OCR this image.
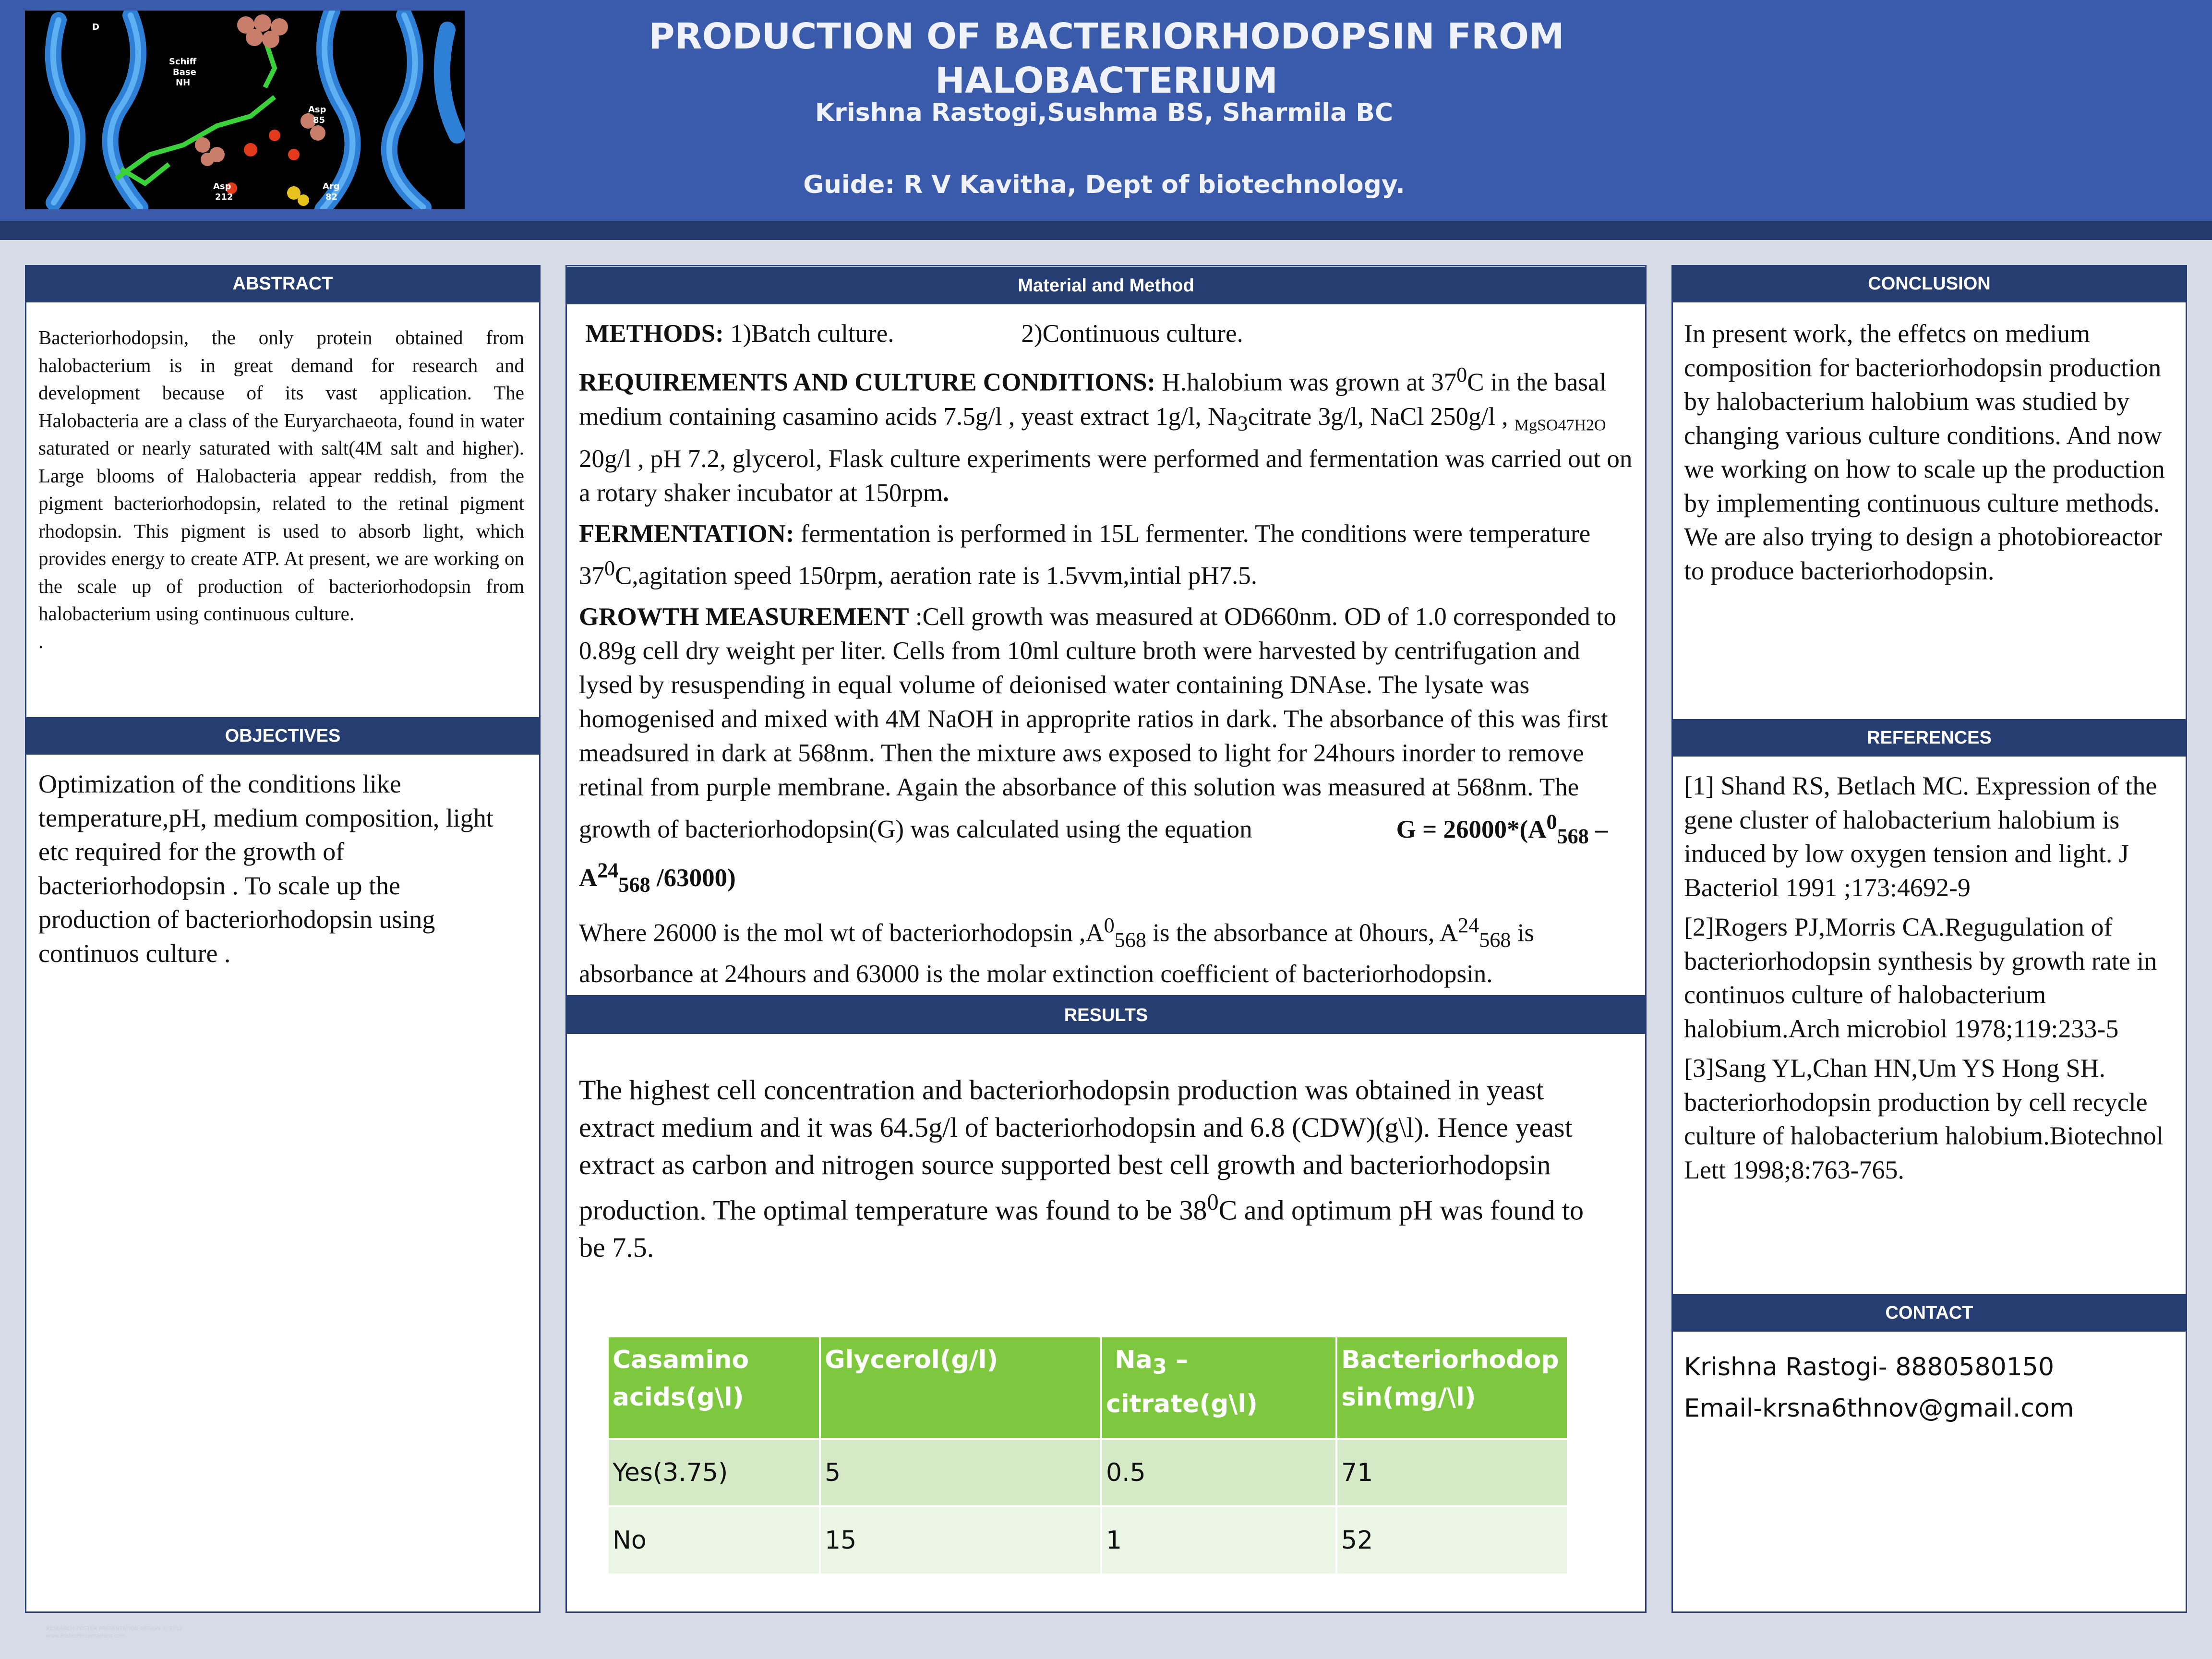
D
Schiff
Base
NH
Asp
85
Asp
212
Arg
82
PRODUCTION OF BACTERIORHODOPSIN FROM HALOBACTERIUM
Krishna Rastogi,Sushma BS, Sharmila BC
Guide: R V Kavitha, Dept of biotechnology.
ABSTRACT
Bacteriorhodopsin, the only protein obtained from halobacterium is in great demand for research and development because of its vast application. The Halobacteria are a class of the Euryarchaeota, found in water saturated or nearly saturated with salt(4M salt and higher). Large blooms of Halobacteria appear reddish, from the pigment bacteriorhodopsin, related to the retinal pigment rhodopsin. This pigment is used to absorb light, which provides energy to create ATP. At present, we are working on the scale up of production of bacteriorhodopsin from halobacterium using continuous culture.
.
OBJECTIVES
Optimization of the conditions like temperature,pH, medium composition, light etc required for the growth of bacteriorhodopsin . To scale up the production of bacteriorhodopsin using continuos culture .
Material and Method

METHODS: 1)Batch culture.	2)Continuous culture.

REQUIREMENTS AND CULTURE CONDITIONS: H.halobium was grown at $37^0C$ in the basal medium containing casamino acids 7.5g/l , yeast extract 1g/l, $Na_3citrate$ 3g/l, NaCl 250g/l , $_{MgSO47H2O}$ 20g/l , pH 7.2, glycerol, Flask culture experiments were performed and fermentation was carried out on a rotary shaker incubator at 150rpm.

FERMENTATION: fermentation is performed in 15L fermenter. The conditions were temperature $37^0C,agitation$ speed 150rpm, aeration rate is 1.5vvm,intial pH7.5.

GROWTH MEASUREMENT :Cell growth was measured at OD660nm. OD of 1.0 corresponded to 0.89g cell dry weight per liter. Cells from 10ml culture broth were harvested by centrifugation and lysed by resuspending in equal volume of deionised water containing DNAse. The lysate was homogenised and mixed with 4M NaOH in approprite ratios in dark. The absorbance of this was first meadsured in dark at 568nm. Then the mixture aws exposed to light for 24hours inorder to remove retinal from purple membrane. Again the absorbance of this solution was measured at 568nm. The growth of bacteriorhodopsin(G) was calculated using the equation	$G = 26000*(A^0_{568} - A^{24}_{568}$ /63000)

Where 26000 is the mol wt of bacteriorhodopsin $,A^0_{568}$ is the absorbance at 0hours, $A^{24}_{568}$ is absorbance at 24hours and 63000 is the molar extinction coefficient of bacteriorhodopsin.

RESULTS
The highest cell concentration and bacteriorhodopsin production was obtained in yeast extract medium and it was 64.5g/l of bacteriorhodopsin and 6.8 (CDW)(g\l). Hence yeast extract as carbon and nitrogen source supported best cell growth and bacteriorhodopsin production. The optimal temperature was found to be $38^0C$ and optimum pH was found to be 7.5.
Casamino acids(g\l)	Glycerol(g/l)	$Na_3$ –citrate(g\l)	Bacteriorhodopsin(mg/\l)
Yes(3.75)	5	0.5	71
No	15	1	52
CONCLUSION
In present work, the effetcs on medium composition for bacteriorhodopsin production by halobacterium halobium was studied by changing various culture conditions. And now we working on how to scale up the production by implementing continuous culture methods. We are also trying to design a photobioreactor to produce bacteriorhodopsin.
REFERENCES
[1] Shand RS, Betlach MC. Expression of the gene cluster of halobacterium halobium is induced by low oxygen tension and light. J Bacteriol 1991 ;173:4692-9
[2]Rogers PJ,Morris CA.Regugulation of bacteriorhodopsin synthesis by growth rate in continuos culture of halobacterium halobium.Arch microbiol 1978;119:233-5
[3]Sang YL,Chan HN,Um YS Hong SH. bacteriorhodopsin production by cell recycle culture of halobacterium halobium.Biotechnol Lett 1998;8:763-765.
CONTACT
Krishna Rastogi- 8880580150
Email-krsna6thnov@gmail.com
RESEARCH POSTER PRESENTATION DESIGN © 2012
www.PosterPresentations.com
